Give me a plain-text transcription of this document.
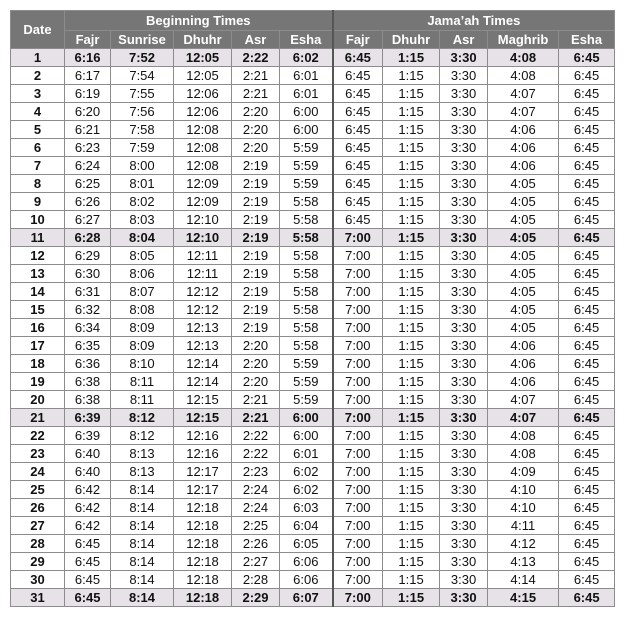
Date	Beginning Times					Jama’ah Times				
	Fajr	Sunrise	Dhuhr	Asr	Esha	Fajr	Dhuhr	Asr	Maghrib	Esha
1	6:16	7:52	12:05	2:22	6:02	6:45	1:15	3:30	4:08	6:45
2	6:17	7:54	12:05	2:21	6:01	6:45	1:15	3:30	4:08	6:45
3	6:19	7:55	12:06	2:21	6:01	6:45	1:15	3:30	4:07	6:45
4	6:20	7:56	12:06	2:20	6:00	6:45	1:15	3:30	4:07	6:45
5	6:21	7:58	12:08	2:20	6:00	6:45	1:15	3:30	4:06	6:45
6	6:23	7:59	12:08	2:20	5:59	6:45	1:15	3:30	4:06	6:45
7	6:24	8:00	12:08	2:19	5:59	6:45	1:15	3:30	4:06	6:45
8	6:25	8:01	12:09	2:19	5:59	6:45	1:15	3:30	4:05	6:45
9	6:26	8:02	12:09	2:19	5:58	6:45	1:15	3:30	4:05	6:45
10	6:27	8:03	12:10	2:19	5:58	6:45	1:15	3:30	4:05	6:45
11	6:28	8:04	12:10	2:19	5:58	7:00	1:15	3:30	4:05	6:45
12	6:29	8:05	12:11	2:19	5:58	7:00	1:15	3:30	4:05	6:45
13	6:30	8:06	12:11	2:19	5:58	7:00	1:15	3:30	4:05	6:45
14	6:31	8:07	12:12	2:19	5:58	7:00	1:15	3:30	4:05	6:45
15	6:32	8:08	12:12	2:19	5:58	7:00	1:15	3:30	4:05	6:45
16	6:34	8:09	12:13	2:19	5:58	7:00	1:15	3:30	4:05	6:45
17	6:35	8:09	12:13	2:20	5:58	7:00	1:15	3:30	4:06	6:45
18	6:36	8:10	12:14	2:20	5:59	7:00	1:15	3:30	4:06	6:45
19	6:38	8:11	12:14	2:20	5:59	7:00	1:15	3:30	4:06	6:45
20	6:38	8:11	12:15	2:21	5:59	7:00	1:15	3:30	4:07	6:45
21	6:39	8:12	12:15	2:21	6:00	7:00	1:15	3:30	4:07	6:45
22	6:39	8:12	12:16	2:22	6:00	7:00	1:15	3:30	4:08	6:45
23	6:40	8:13	12:16	2:22	6:01	7:00	1:15	3:30	4:08	6:45
24	6:40	8:13	12:17	2:23	6:02	7:00	1:15	3:30	4:09	6:45
25	6:42	8:14	12:17	2:24	6:02	7:00	1:15	3:30	4:10	6:45
26	6:42	8:14	12:18	2:24	6:03	7:00	1:15	3:30	4:10	6:45
27	6:42	8:14	12:18	2:25	6:04	7:00	1:15	3:30	4:11	6:45
28	6:45	8:14	12:18	2:26	6:05	7:00	1:15	3:30	4:12	6:45
29	6:45	8:14	12:18	2:27	6:06	7:00	1:15	3:30	4:13	6:45
30	6:45	8:14	12:18	2:28	6:06	7:00	1:15	3:30	4:14	6:45
31	6:45	8:14	12:18	2:29	6:07	7:00	1:15	3:30	4:15	6:45
